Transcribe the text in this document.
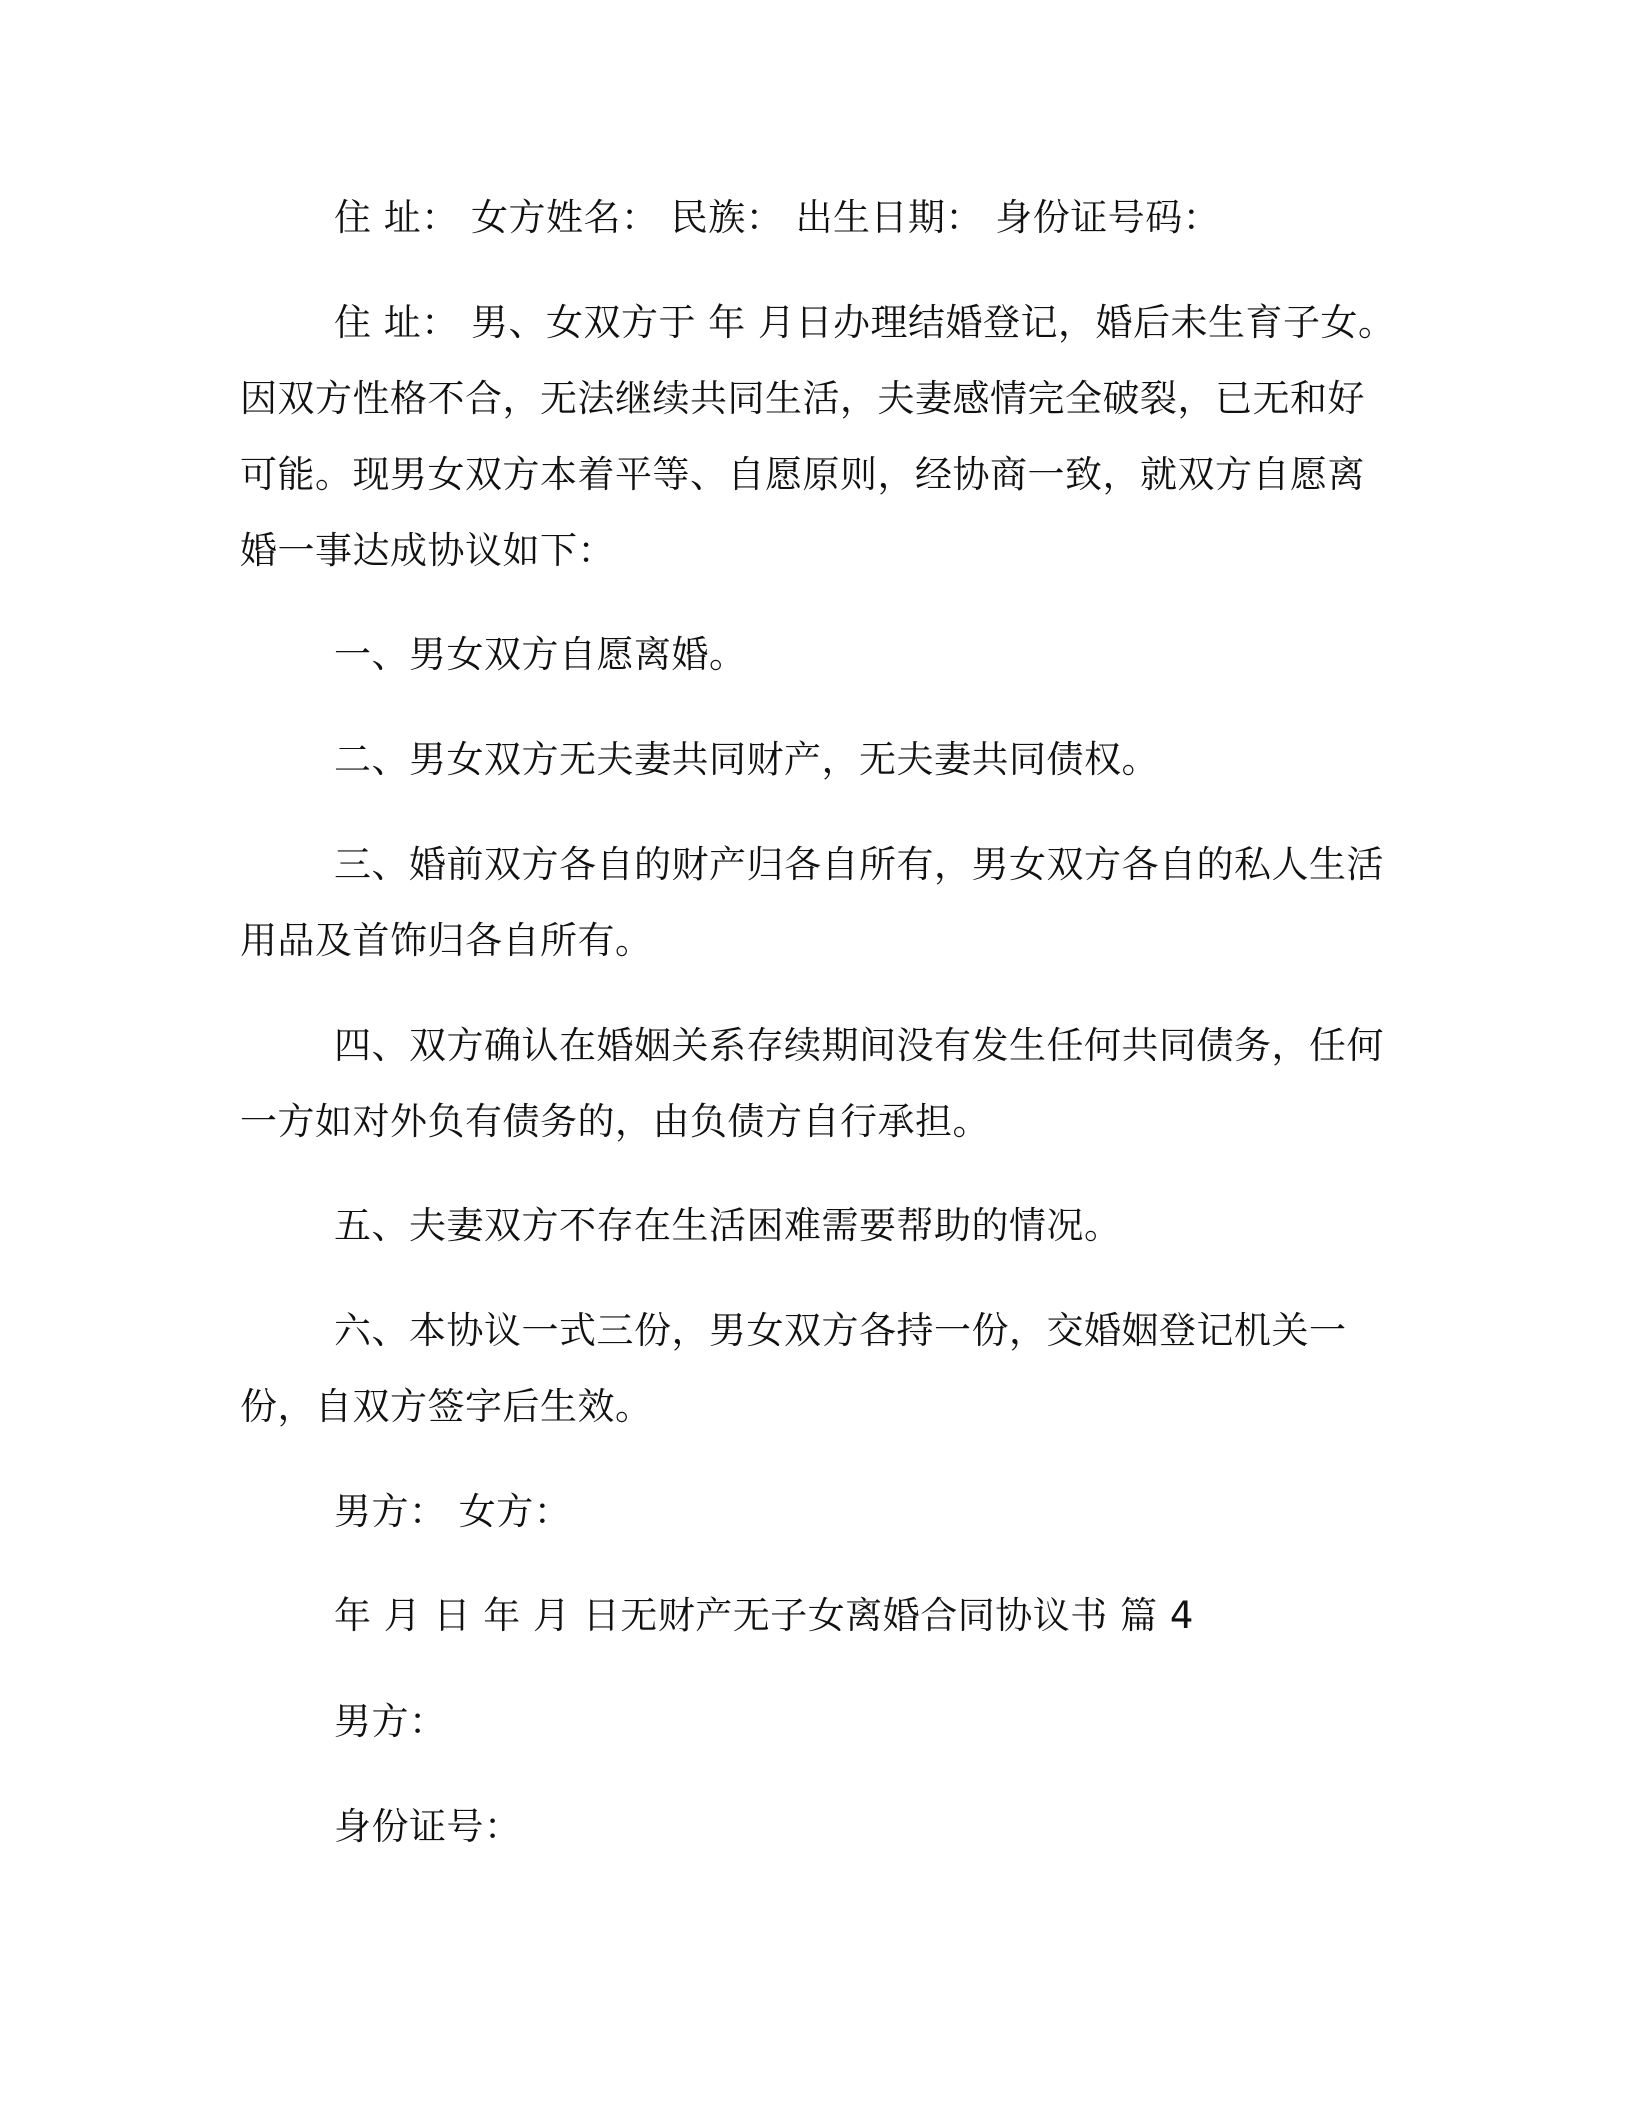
住 址： 女方姓名： 民族： 出生日期： 身份证号码：
住 址： 男、女双方于 年 月日办理结婚登记，婚后未生育子女。因双方性格不合，无法继续共同生活，夫妻感情完全破裂，已无和好可能。现男女双方本着平等、自愿原则，经协商一致，就双方自愿离婚一事达成协议如下：
一、男女双方自愿离婚。
二、男女双方无夫妻共同财产，无夫妻共同债权。
三、婚前双方各自的财产归各自所有，男女双方各自的私人生活用品及首饰归各自所有。
四、双方确认在婚姻关系存续期间没有发生任何共同债务，任何一方如对外负有债务的，由负债方自行承担。
五、夫妻双方不存在生活困难需要帮助的情况。
六、本协议一式三份，男女双方各持一份，交婚姻登记机关一份，自双方签字后生效。
男方： 女方：
年 月 日 年 月 日无财产无子女离婚合同协议书 篇 4
男方：
身份证号：
